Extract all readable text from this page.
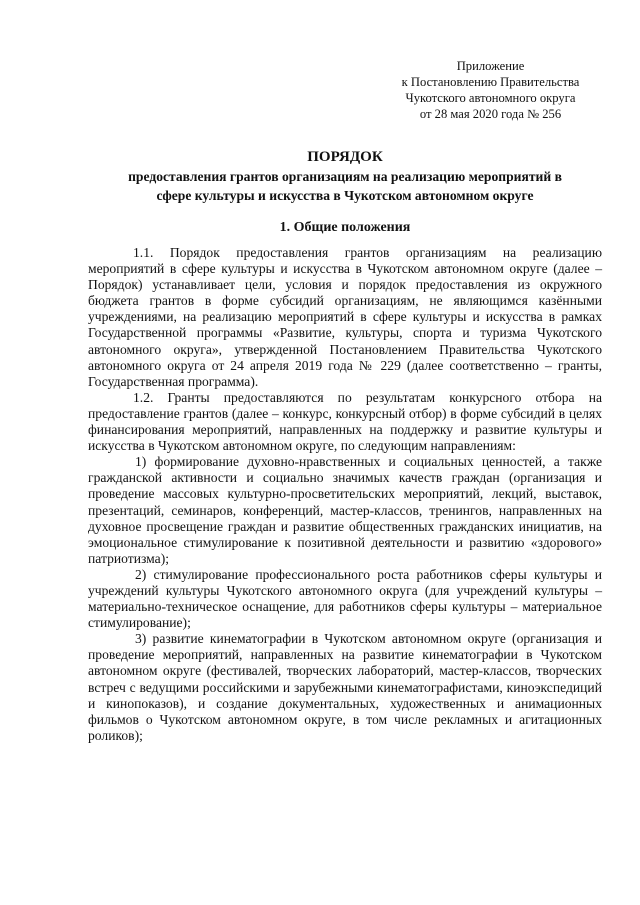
Приложение
к Постановлению Правительства
Чукотского автономного округа
от 28 мая 2020 года № 256
ПОРЯДОК
предоставления грантов организациям на реализацию мероприятий в
сфере культуры и искусства в Чукотском автономном округе
1. Общие положения

1.1. Порядок предоставления грантов организациям на реализацию мероприятий в сфере культуры и искусства в Чукотском автономном округе (далее – Порядок) устанавливает цели, условия и порядок предоставления из окружного бюджета грантов в форме субсидий организациям, не являющимся казёнными учреждениями, на реализацию мероприятий в сфере культуры и искусства в рамках Государственной программы «Развитие, культуры, спорта и туризма Чукотского автономного округа», утвержденной Постановлением Правительства Чукотского автономного округа от 24 апреля 2019 года № 229 (далее соответственно – гранты, Государственная программа).

1.2. Гранты предоставляются по результатам конкурсного отбора на предоставление грантов (далее – конкурс, конкурсный отбор) в форме субсидий в целях финансирования мероприятий, направленных на поддержку и развитие культуры и искусства в Чукотском автономном округе, по следующим направлениям:

1) формирование духовно-нравственных и социальных ценностей, а также гражданской активности и социально значимых качеств граждан (организация и проведение массовых культурно-просветительских мероприятий, лекций, выставок, презентаций, семинаров, конференций, мастер-классов, тренингов, направленных на духовное просвещение граждан и развитие общественных гражданских инициатив, на эмоциональное стимулирование к позитивной деятельности и развитию «здорового» патриотизма);

2) стимулирование профессионального роста работников сферы культуры и учреждений культуры Чукотского автономного округа (для учреждений культуры – материально-техническое оснащение, для работников сферы культуры – материальное стимулирование);

3) развитие кинематографии в Чукотском автономном округе (организация и проведение мероприятий, направленных на развитие кинематографии в Чукотском автономном округе (фестивалей, творческих лабораторий, мастер-классов, творческих встреч с ведущими российскими и зарубежными кинематографистами, киноэкспедиций и кинопоказов), и создание документальных, художественных и анимационных фильмов о Чукотском автономном округе, в том числе рекламных и агитационных роликов);
